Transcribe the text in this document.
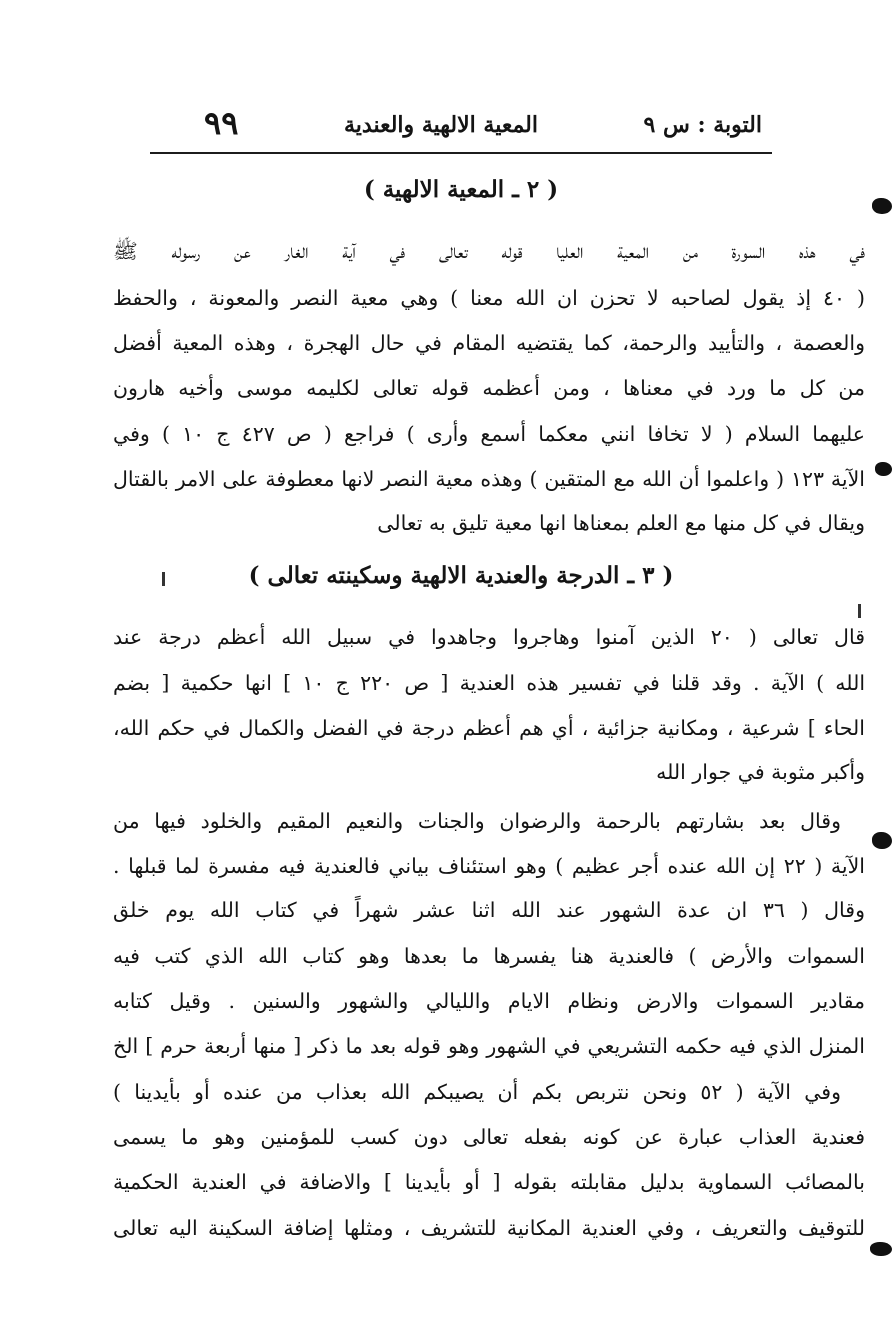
التوبة : س ٩
المعية الالهية والعندية
٩٩
( ٢ ـ المعية الالهية )
في هذه السورة من المعية العليا قوله تعالى في آية الغار عن رسوله ﷺ
( ٤٠ إذ يقول لصاحبه لا تحزن ان الله معنا ) وهي معية النصر والمعونة ، والحفظ
والعصمة ، والتأييد والرحمة، كما يقتضيه المقام في حال الهجرة ، وهذه المعية أفضل
من كل ما ورد في معناها ، ومن أعظمه قوله تعالى لكليمه موسى وأخيه هارون
عليهما السلام ( لا تخافا انني معكما أسمع وأرى ) فراجع ( ص ٤٢٧ ج ١٠ ) وفي
الآية ١٢٣ ( واعلموا أن الله مع المتقين ) وهذه معية النصر لانها معطوفة على الامر بالقتال
ويقال في كل منها مع العلم بمعناها انها معية تليق به تعالى
( ٣ ـ الدرجة والعندية الالهية وسكينته تعالى )
قال تعالى ( ٢٠ الذين آمنوا وهاجروا وجاهدوا في سبيل الله أعظم درجة عند
الله ) الآية . وقد قلنا في تفسير هذه العندية [ ص ٢٢٠ ج ١٠ ] انها حكمية [ بضم
الحاء ] شرعية ، ومكانية جزائية ، أي هم أعظم درجة في الفضل والكمال في حكم الله،
وأكبر مثوبة في جوار الله
وقال بعد بشارتهم بالرحمة والرضوان والجنات والنعيم المقيم والخلود فيها من
الآية ( ٢٢ إن الله عنده أجر عظيم ) وهو استئناف بياني فالعندية فيه مفسرة لما قبلها .
وقال ( ٣٦ ان عدة الشهور عند الله اثنا عشر شهراً في كتاب الله يوم خلق
السموات والأرض ) فالعندية هنا يفسرها ما بعدها وهو كتاب الله الذي كتب فيه
مقادير السموات والارض ونظام الايام والليالي والشهور والسنين . وقيل كتابه
المنزل الذي فيه حكمه التشريعي في الشهور وهو قوله بعد ما ذكر [ منها أربعة حرم ] الخ
وفي الآية ( ٥٢ ونحن نتربص بكم أن يصيبكم الله بعذاب من عنده أو بأيدينا )
فعندية العذاب عبارة عن كونه بفعله تعالى دون كسب للمؤمنين وهو ما يسمى
بالمصائب السماوية بدليل مقابلته بقوله [ أو بأيدينا ] والاضافة في العندية الحكمية
للتوقيف والتعريف ، وفي العندية المكانية للتشريف ، ومثلها إضافة السكينة اليه تعالى
